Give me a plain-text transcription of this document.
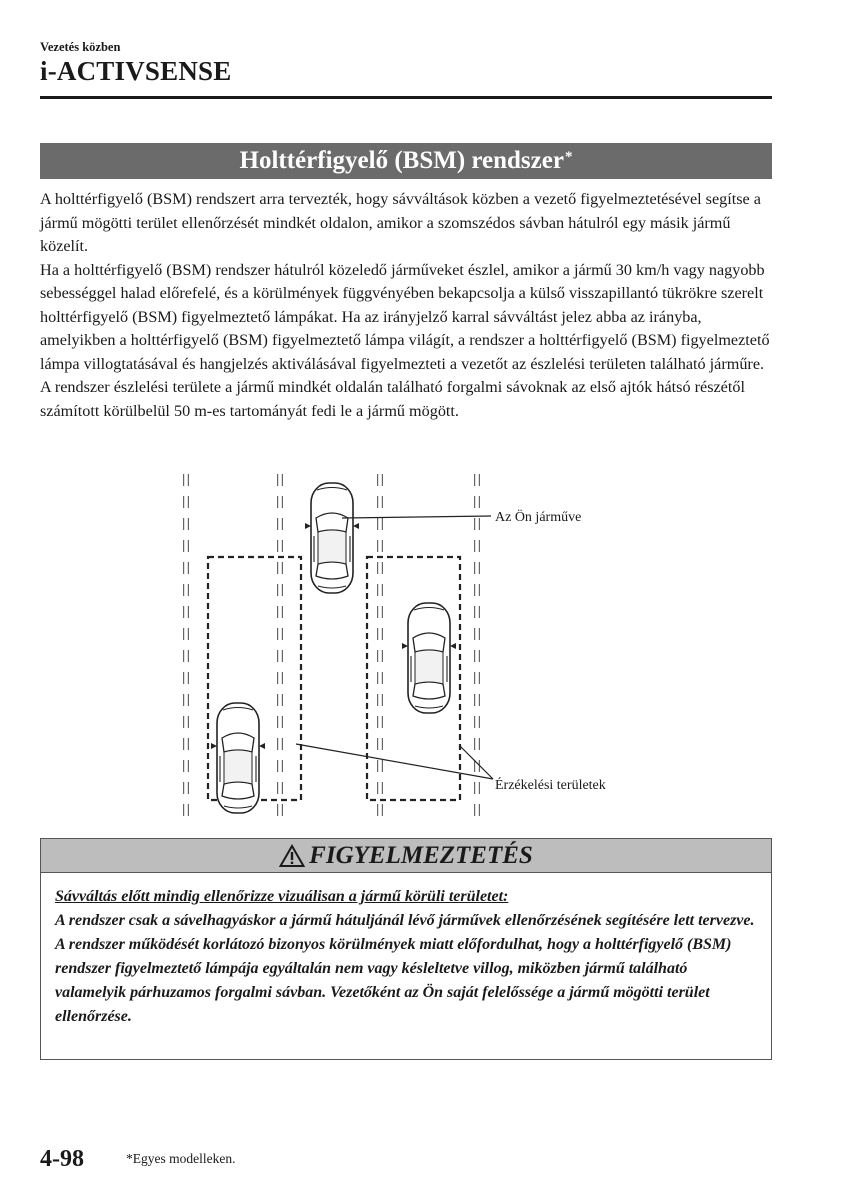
Vezetés közben
i-ACTIVSENSE
Holttérfigyelő (BSM) rendszer*

A holttérfigyelő (BSM) rendszert arra tervezték, hogy sávváltások közben a vezető figyelmeztetésével segítse a jármű mögötti terület ellenőrzését mindkét oldalon, amikor a szomszédos sávban hátulról egy másik jármű közelít.

Ha a holttérfigyelő (BSM) rendszer hátulról közeledő járműveket észlel, amikor a jármű 30 km/h vagy nagyobb sebességgel halad előrefelé, és a körülmények függvényében bekapcsolja a külső visszapillantó tükrökre szerelt holttérfigyelő (BSM) figyelmeztető lámpákat. Ha az irányjelző karral sávváltást jelez abba az irányba, amelyikben a holttérfigyelő (BSM) figyelmeztető lámpa világít, a rendszer a holttérfigyelő (BSM) figyelmeztető lámpa villogtatásával és hangjelzés aktiválásával figyelmezteti a vezetőt az észlelési területen található járműre.

A rendszer észlelési területe a jármű mindkét oldalán található forgalmi sávoknak az első ajtók hátsó részétől számított körülbelül 50 m-es tartományát fedi le a jármű mögött.

Az Ön járműve
Érzékelési területek
FIGYELMEZTETÉS

Sávváltás előtt mindig ellenőrizze vizuálisan a jármű körüli területet:

A rendszer csak a sávelhagyáskor a jármű hátuljánál lévő járművek ellenőrzésének segítésére lett tervezve. A rendszer működését korlátozó bizonyos körülmények miatt előfordulhat, hogy a holttérfigyelő (BSM) rendszer figyelmeztető lámpája egyáltalán nem vagy késleltetve villog, miközben jármű található valamelyik párhuzamos forgalmi sávban. Vezetőként az Ön saját felelőssége a jármű mögötti terület ellenőrzése.

4-98	*Egyes modelleken.
